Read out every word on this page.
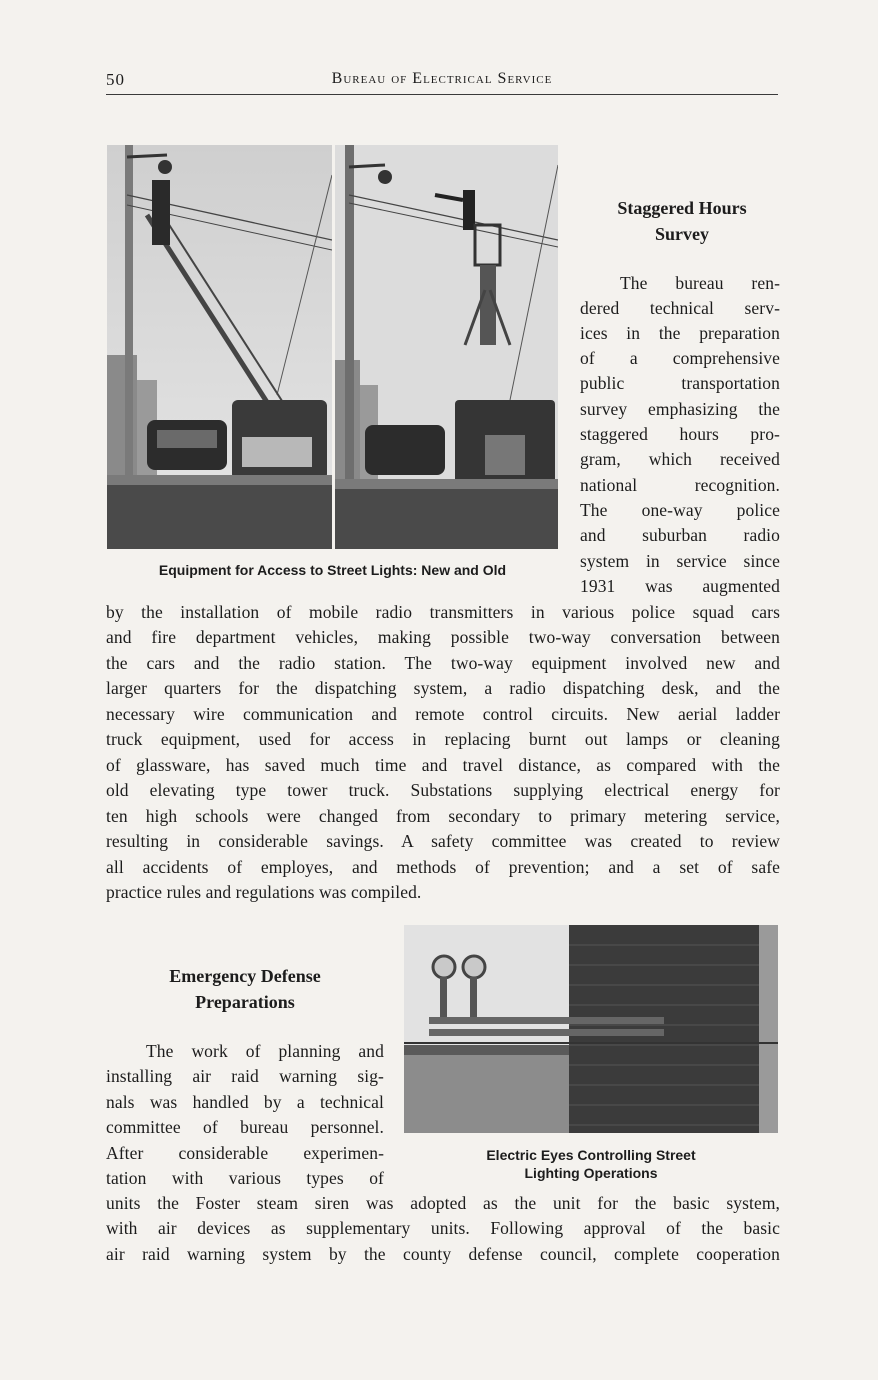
50	Bureau of Electrical Service
Equipment for Access to Street Lights: New and Old
Staggered Hours
Survey
The bureau ren-
dered technical serv-
ices in the preparation
of a comprehensive
public transportation
survey emphasizing the
staggered hours pro-
gram, which received
national recognition.
The one-way police
and suburban radio
system in service since
1931 was augmented
by the installation of mobile radio transmitters in various police squad cars
and fire department vehicles, making possible two-way conversation between
the cars and the radio station. The two-way equipment involved new and
larger quarters for the dispatching system, a radio dispatching desk, and the
necessary wire communication and remote control circuits. New aerial ladder
truck equipment, used for access in replacing burnt out lamps or cleaning
of glassware, has saved much time and travel distance, as compared with the
old elevating type tower truck. Substations supplying electrical energy for
ten high schools were changed from secondary to primary metering service,
resulting in considerable savings. A safety committee was created to review
all accidents of employes, and methods of prevention; and a set of safe
practice rules and regulations was compiled.
Electric Eyes Controlling Street
Lighting Operations
Emergency Defense
Preparations
The work of planning and
installing air raid warning sig-
nals was handled by a technical
committee of bureau personnel.
After considerable experimen-
tation with various types of
units the Foster steam siren was adopted as the unit for the basic system,
with air devices as supplementary units. Following approval of the basic
air raid warning system by the county defense council, complete cooperation
